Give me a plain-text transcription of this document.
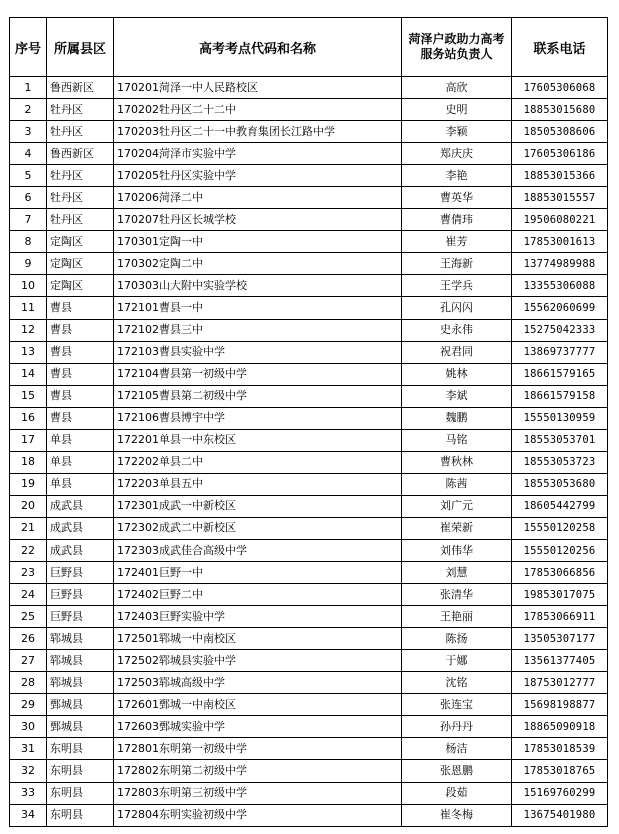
序号	所属县区	高考考点代码和名称	菏泽户政助力高考服务站负责人	联系电话
1	鲁西新区	170201菏泽一中人民路校区	高欣	17605306068
2	牡丹区	170202牡丹区二十二中	史明	18853015680
3	牡丹区	170203牡丹区二十一中教育集团长江路中学	李颖	18505308606
4	鲁西新区	170204菏泽市实验中学	郑庆庆	17605306186
5	牡丹区	170205牡丹区实验中学	李艳	18853015366
6	牡丹区	170206菏泽二中	曹英华	18853015557
7	牡丹区	170207牡丹区长城学校	曹倩玮	19506080221
8	定陶区	170301定陶一中	崔芳	17853001613
9	定陶区	170302定陶二中	王海新	13774989988
10	定陶区	170303山大附中实验学校	王学兵	13355306088
11	曹县	172101曹县一中	孔闪闪	15562060699
12	曹县	172102曹县三中	史永伟	15275042333
13	曹县	172103曹县实验中学	祝君同	13869737777
14	曹县	172104曹县第一初级中学	姚林	18661579165
15	曹县	172105曹县第二初级中学	李斌	18661579158
16	曹县	172106曹县博宇中学	魏鹏	15550130959
17	单县	172201单县一中东校区	马铭	18553053701
18	单县	172202单县二中	曹秋林	18553053723
19	单县	172203单县五中	陈茜	18553053680
20	成武县	172301成武一中新校区	刘广元	18605442799
21	成武县	172302成武二中新校区	崔荣新	15550120258
22	成武县	172303成武佳合高级中学	刘伟华	15550120256
23	巨野县	172401巨野一中	刘慧	17853066856
24	巨野县	172402巨野二中	张清华	19853017075
25	巨野县	172403巨野实验中学	王艳丽	17853066911
26	郓城县	172501郓城一中南校区	陈扬	13505307177
27	郓城县	172502郓城县实验中学	于娜	13561377405
28	郓城县	172503郓城高级中学	沈铭	18753012777
29	鄄城县	172601鄄城一中南校区	张连宝	15698198877
30	鄄城县	172603鄄城实验中学	孙丹丹	18865090918
31	东明县	172801东明第一初级中学	杨洁	17853018539
32	东明县	172802东明第二初级中学	张恩鹏	17853018765
33	东明县	172803东明第三初级中学	段茹	15169760299
34	东明县	172804东明实验初级中学	崔冬梅	13675401980
